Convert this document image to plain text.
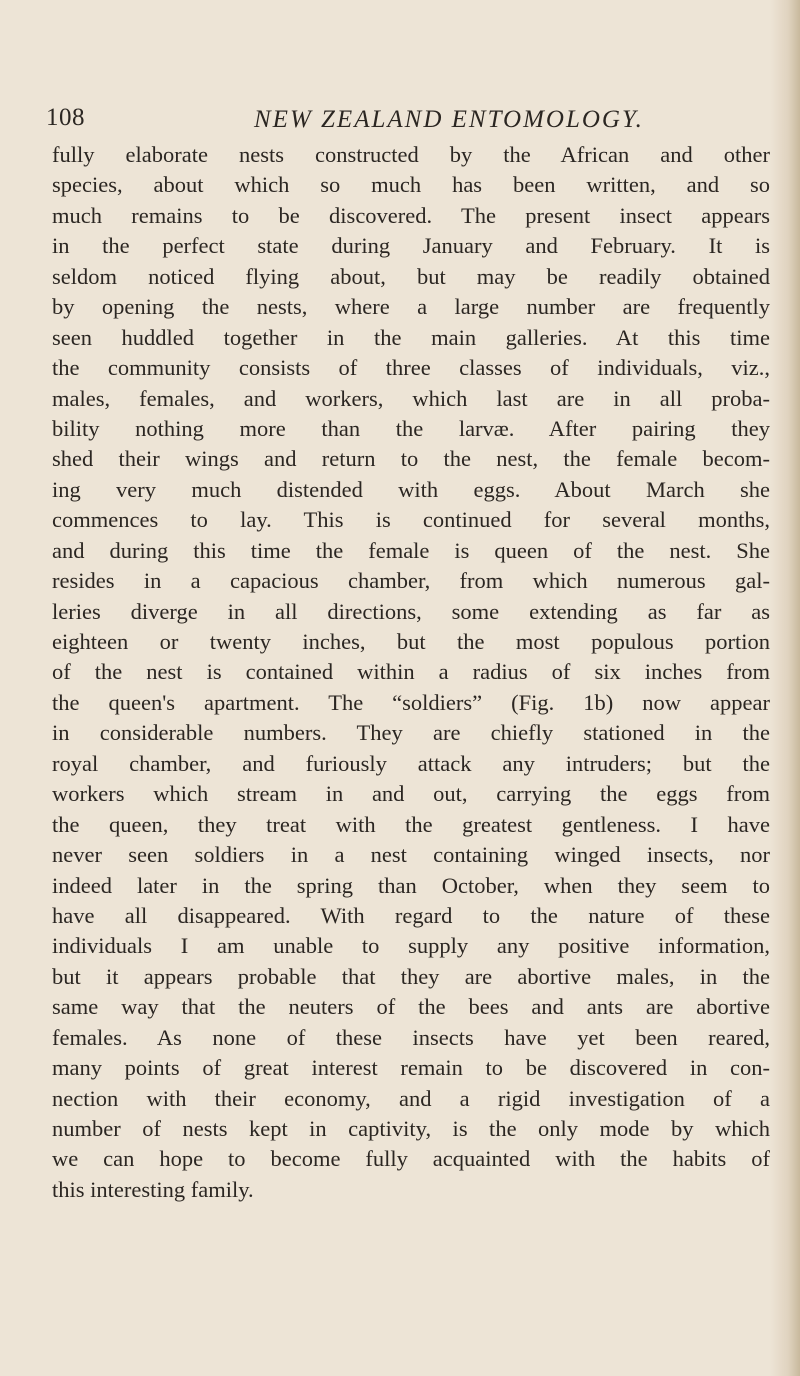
108	NEW ZEALAND ENTOMOLOGY.
fully elaborate nests constructed by the African and other
species, about which so much has been written, and so
much remains to be discovered. The present insect appears
in the perfect state during January and February. It is
seldom noticed flying about, but may be readily obtained
by opening the nests, where a large number are frequently
seen huddled together in the main galleries. At this time
the community consists of three classes of individuals, viz.,
males, females, and workers, which last are in all proba-
bility nothing more than the larvæ. After pairing they
shed their wings and return to the nest, the female becom-
ing very much distended with eggs. About March she
commences to lay. This is continued for several months,
and during this time the female is queen of the nest. She
resides in a capacious chamber, from which numerous gal-
leries diverge in all directions, some extending as far as
eighteen or twenty inches, but the most populous portion
of the nest is contained within a radius of six inches from
the queen's apartment. The “soldiers” (Fig. 1b) now appear
in considerable numbers. They are chiefly stationed in the
royal chamber, and furiously attack any intruders; but the
workers which stream in and out, carrying the eggs from
the queen, they treat with the greatest gentleness. I have
never seen soldiers in a nest containing winged insects, nor
indeed later in the spring than October, when they seem to
have all disappeared. With regard to the nature of these
individuals I am unable to supply any positive information,
but it appears probable that they are abortive males, in the
same way that the neuters of the bees and ants are abortive
females. As none of these insects have yet been reared,
many points of great interest remain to be discovered in con-
nection with their economy, and a rigid investigation of a
number of nests kept in captivity, is the only mode by which
we can hope to become fully acquainted with the habits of
this interesting family.
